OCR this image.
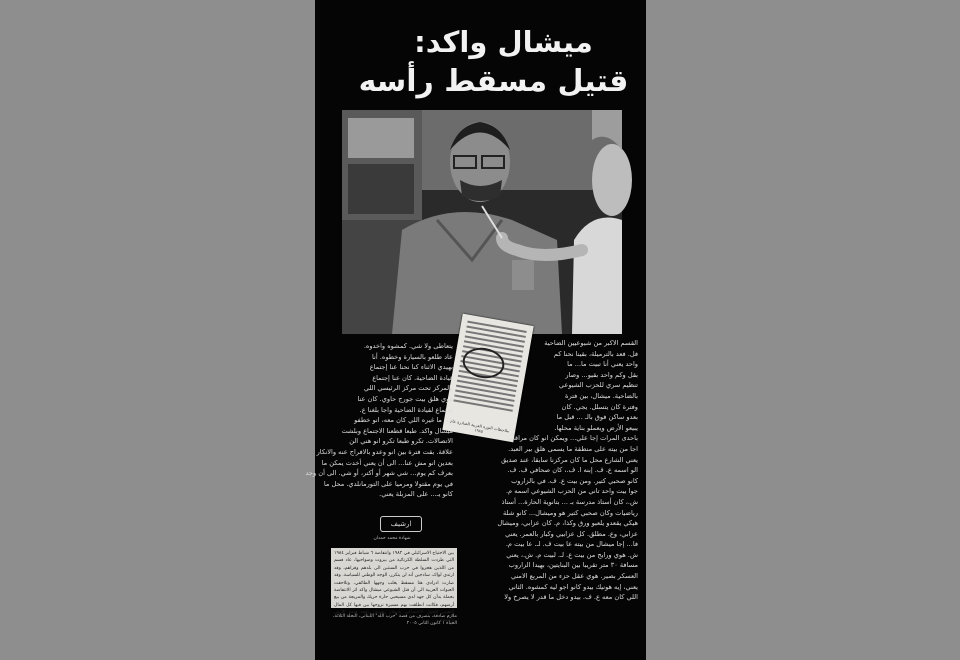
ميشال واكد:
قتيل مسقط رأسه
ملاحظات الثورة العربية الصادرة عام ١٩٨٥
القسم الاكبر من شيوعيين الضاحية
فل. فعد بالترميلة، بقينا نحنا كم
واحد يعني أنا تبيت ما... ما
بقل وكم واحد بقيو... وصار
تنظيم سري للحزب الشيوعي
بالضاحية. ميشال، بين فترة
وفترة كان يتسلل. يجي. كان
بعدو ساكن فوق بالـ ... قبل ما
يبيعو الأرض ويعملو بناية محلها.
باحدى المرات إجا علي... ويمكن انو كان مراقب.
اجا من بيته على منطقة ما يسمى هلق بير العبد.
يعني الشارع محل ما كان مركزنا سابقا، عند صديق
الو اسمه ع. ف. إبنه ا. ف.، كان صحافي ف. ف.
كانو صحبي كتير. ومن بيت ع. ف. في بالزاروب
جوا بيت واحد تاني من الحزب الشيوعي اسمه م.
ش.، كان أستاذ مدرسة بـ ... بتانوية الحارة... أستاذ
رياضيات وكان صحبي كتير هو وميشال... كانو شلة
هيكي يقعدو يلعبو ورق وكذا، م. كان عزابي، وميشال
عزابي، وع. مطلق. كل عزابيي وكبار بالعمر. يعني
فا... إجا ميشال من بيته عا بيت ف. لـ. عا بيت م.
ش. هوي ورايح من بيت ع. لـ. لبيت م. ش.، يعني
مسافة ٣٠ متر تقريبا بين البنايتين، بهيدا الزاروب
العسكر بصير. هوي عقل حزء من المربع الامني
يعني، إيه هونيك بيدو كانو اجو ليه كمشوه. الثاني
اللي كان معه ع. ف. بيدو دخل ما قدر لا يصرخ ولا
يتعاطى ولا شي. كمشوه واخدوه.
عاد طلعو بالسيارة وخطوه. أنا
بهيدي الاثناء كنا نحنا عنا إجتماع
قيادة الضاحية. كان عنا إجتماع
بالمركز تحت مركز الرئيسي اللي
هوي هلق بيت جورج حاوي. كان عنا
إجتماع لقيادة الضاحية واجا بلغنا ع.
ف. ما غيره اللي كان معه، انو خطفو
ميشال واكد. طبعا قطعنا الاجتماع وبلشت
الاتصالات. تكرو طبعا تكرو انو هني الن
علاقة. بقت فترة بين انو وعدو بالافراج عنه والانكار
بعدين انو مش عنا... الى أن يعني أخدت يمكن ما
بعرف كم يوم... شي شهر أو أكتر، أو شي. الى أن وجد
في يوم مقتولا ومرميا على التورمانلدي. محل ما
كانو يـ... على المزبلة يعني.
ارشيف
شهادة محمد حمدان
بين الاجتياح الاسرائيلي في ١٩٨٢ وانتفاضة ٦ شباط فبراير ١٩٨٤ التي طردت السلطة الكرتائية من بيروت وضواحيها، عاد قسم من اللذين هجروا في حرب السنتين الى بلدهم وقراهم، وقد ارتدى لواك، سادجين أنه لن يتكرر، الوجه الوطني للسياسة. وقد صارت ادرادي هنا مسقط يغلب وجهها الطائفي، وتلاحقت العبوات العربية الى أن قتل الشيوعي ميشال واكد اثر الانتفاضة بحملة بدأن كل جهد لدى مسيحيي حارة حريك والمريجة من بيع أرضهم، فكانت انطلقت بهم مسيرة نزوحها بين فيها كل المال التقيبي للجوار الاجتماعي بأسعار زهيدة، رافقه قيمة الأرض والشقق.
ملازم صادقة، بتصرف من قصة "حرب الله" اللبناني، النحلة الثلاثة، الحياة ١ كانون الثاني ٢٠٠٥
